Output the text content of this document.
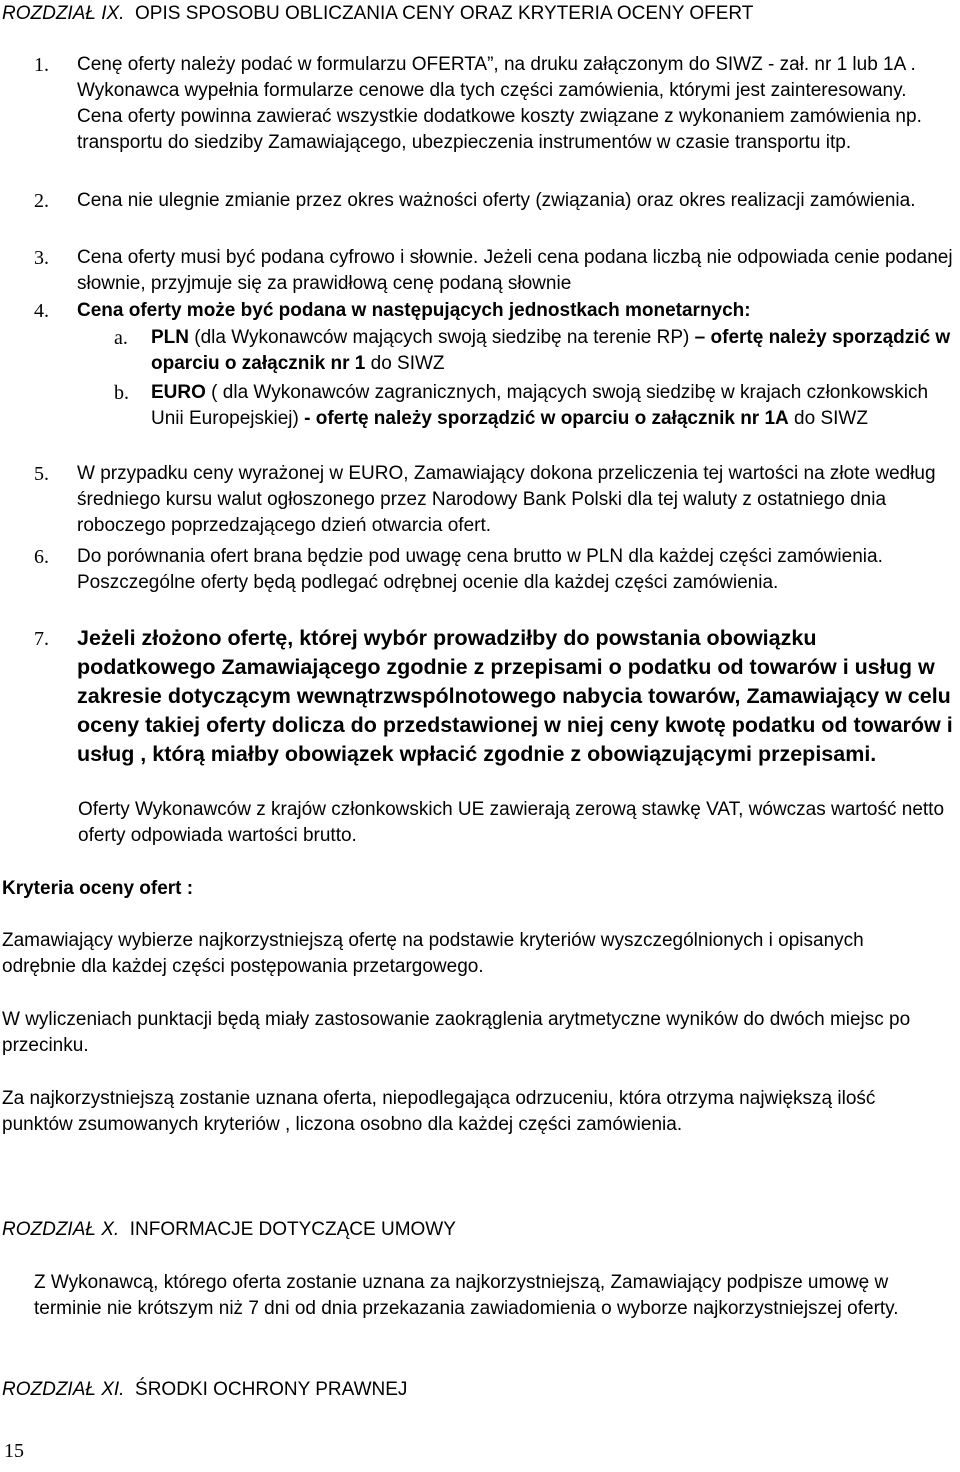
ROZDZIAŁ IX. OPIS SPOSOBU OBLICZANIA CENY ORAZ KRYTERIA OCENY OFERT
1.	Cenę oferty należy podać w formularzu OFERTA”, na druku załączonym do SIWZ - zał. nr 1 lub 1A . Wykonawca wypełnia formularze cenowe dla tych części zamówienia, którymi jest zainteresowany. Cena oferty powinna zawierać wszystkie dodatkowe koszty związane z wykonaniem zamówienia np. transportu do siedziby Zamawiającego, ubezpieczenia instrumentów w czasie transportu itp.
2.	Cena nie ulegnie zmianie przez okres ważności oferty (związania) oraz okres realizacji zamówienia.
3.	Cena oferty musi być podana cyfrowo i słownie. Jeżeli cena podana liczbą nie odpowiada cenie podanej słownie, przyjmuje się za prawidłową cenę podaną słownie
4.	Cena oferty może być podana w następujących jednostkach monetarnych:
a.	PLN (dla Wykonawców mających swoją siedzibę na terenie RP) – ofertę należy sporządzić w oparciu o załącznik nr 1 do SIWZ
b.	EURO ( dla Wykonawców zagranicznych, mających swoją siedzibę w krajach członkowskich Unii Europejskiej) - ofertę należy sporządzić w oparciu o załącznik nr 1A do SIWZ
5.	W przypadku ceny wyrażonej w EURO, Zamawiający dokona przeliczenia tej wartości na złote według średniego kursu walut ogłoszonego przez Narodowy Bank Polski dla tej waluty z ostatniego dnia roboczego poprzedzającego dzień otwarcia ofert.
6.	Do porównania ofert brana będzie pod uwagę cena brutto w PLN dla każdej części zamówienia. Poszczególne oferty będą podlegać odrębnej ocenie dla każdej części zamówienia.
7.	Jeżeli złożono ofertę, której wybór prowadziłby do powstania obowiązku podatkowego Zamawiającego zgodnie z przepisami o podatku od towarów i usług w zakresie dotyczącym wewnątrzwspólnotowego nabycia towarów, Zamawiający w celu oceny takiej oferty dolicza do przedstawionej w niej ceny kwotę podatku od towarów i usług , którą miałby obowiązek wpłacić zgodnie z obowiązującymi przepisami.
Oferty Wykonawców z krajów członkowskich UE zawierają zerową stawkę VAT, wówczas wartość netto oferty odpowiada wartości brutto.
Kryteria oceny ofert :
Zamawiający wybierze najkorzystniejszą ofertę na podstawie kryteriów wyszczególnionych i opisanych odrębnie dla każdej części postępowania przetargowego.
W wyliczeniach punktacji będą miały zastosowanie zaokrąglenia arytmetyczne wyników do dwóch miejsc po przecinku.
Za najkorzystniejszą zostanie uznana oferta, niepodlegająca odrzuceniu, która otrzyma największą ilość punktów zsumowanych kryteriów , liczona osobno dla każdej części zamówienia.
ROZDZIAŁ X. INFORMACJE DOTYCZĄCE UMOWY
Z Wykonawcą, którego oferta zostanie uznana za najkorzystniejszą, Zamawiający podpisze umowę w terminie nie krótszym niż 7 dni od dnia przekazania zawiadomienia o wyborze najkorzystniejszej oferty.
ROZDZIAŁ XI. ŚRODKI OCHRONY PRAWNEJ
15
